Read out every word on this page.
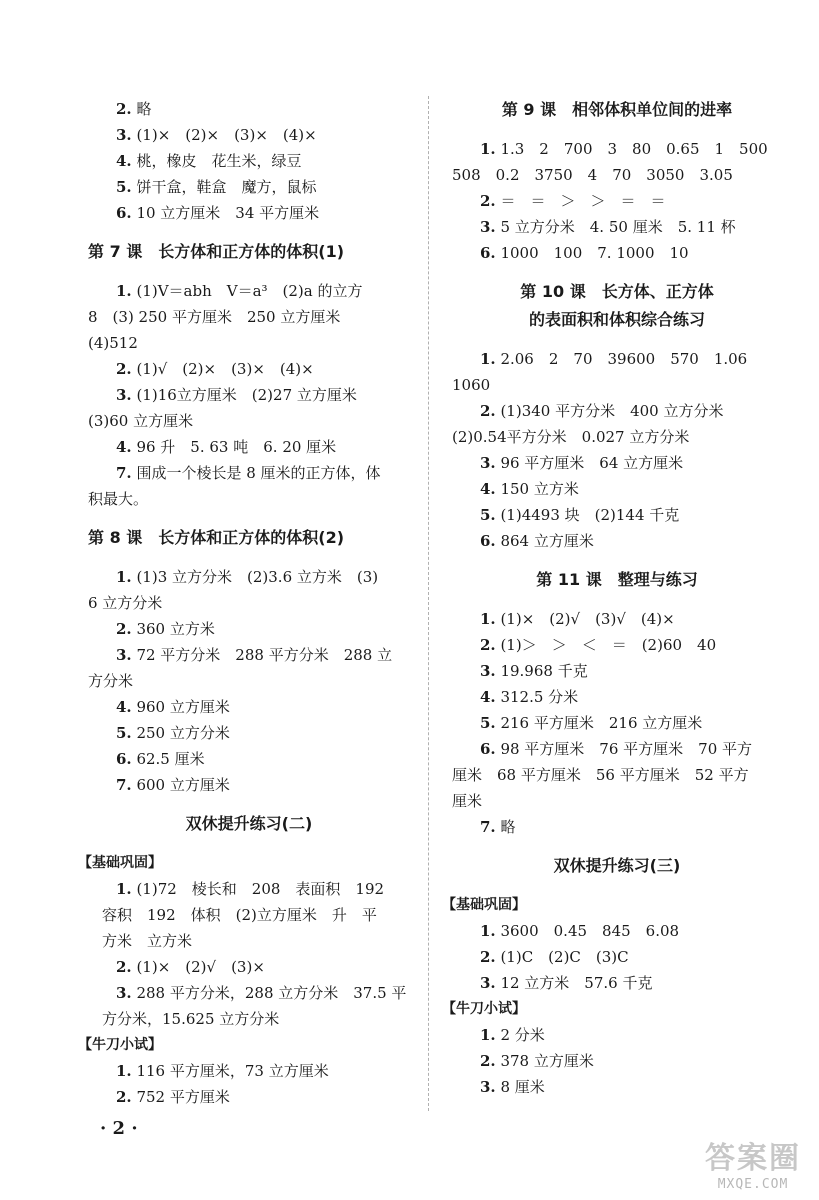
2. 略
3. (1)×　(2)×　(3)×　(4)×
4. 桃，橡皮　花生米，绿豆
5. 饼干盒，鞋盒　魔方，鼠标
6. 10 立方厘米　34 平方厘米
第 7 课　长方体和正方体的体积(1)
1. (1)V＝abh　V＝a³　(2)a 的立方
8　(3) 250 平方厘米　250 立方厘米
(4)512
2. (1)√　(2)×　(3)×　(4)×
3. (1)16立方厘米　(2)27 立方厘米
(3)60 立方厘米
4. 96 升　5. 63 吨　6. 20 厘米
7. 围成一个棱长是 8 厘米的正方体，体
积最大。
第 8 课　长方体和正方体的体积(2)
1. (1)3 立方分米　(2)3.6 立方米　(3)
6 立方分米
2. 360 立方米
3. 72 平方分米　288 平方分米　288 立
方分米
4. 960 立方厘米
5. 250 立方分米
6. 62.5 厘米
7. 600 立方厘米
双休提升练习(二)
【基础巩固】
1. (1)72　棱长和　208　表面积　192
容积　192　体积　(2)立方厘米　升　平
方米　立方米
2. (1)×　(2)√　(3)×
3. 288 平方分米，288 立方分米　37.5 平
方分米，15.625 立方分米
【牛刀小试】
1. 116 平方厘米，73 立方厘米
2. 752 平方厘米
第 9 课　相邻体积单位间的进率
1. 1.3　2　700　3　80　0.65　1　500
508　0.2　3750　4　70　3050　3.05
2. ＝　＝　＞　＞　＝　＝
3. 5 立方分米　4. 50 厘米　5. 11 杯
6. 1000　100　7. 1000　10
第 10 课　长方体、正方体
的表面积和体积综合练习
1. 2.06　2　70　39600　570　1.06
1060
2. (1)340 平方分米　400 立方分米
(2)0.54平方分米　0.027 立方分米
3. 96 平方厘米　64 立方厘米
4. 150 立方米
5. (1)4493 块　(2)144 千克
6. 864 立方厘米
第 11 课　整理与练习
1. (1)×　(2)√　(3)√　(4)×
2. (1)＞　＞　＜　＝　(2)60　40
3. 19.968 千克
4. 312.5 分米
5. 216 平方厘米　216 立方厘米
6. 98 平方厘米　76 平方厘米　70 平方
厘米　68 平方厘米　56 平方厘米　52 平方
厘米
7. 略
双休提升练习(三)
【基础巩固】
1. 3600　0.45　845　6.08
2. (1)C　(2)C　(3)C
3. 12 立方米　57.6 千克
【牛刀小试】
1. 2 分米
2. 378 立方厘米
3. 8 厘米
· 2 ·
答案圈
MXQE.COM
